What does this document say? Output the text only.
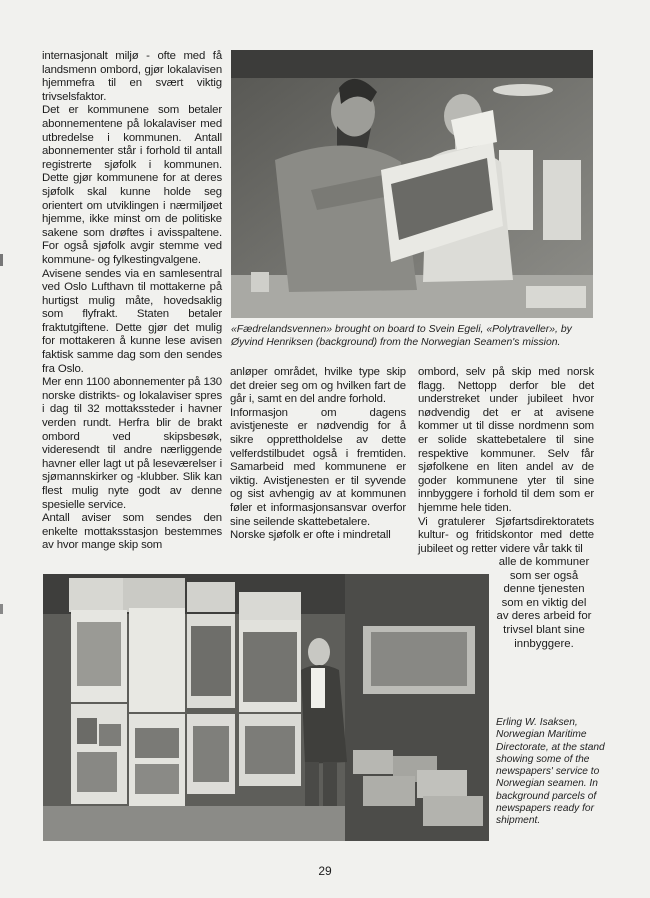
internasjonalt miljø - ofte med få landsmenn ombord, gjør lokalavisen hjemmefra til en svært viktig trivselsfaktor.

Det er kommunene som betaler abonnementene på lokalaviser med utbredelse i kommunen. Antall abonnementer står i forhold til antall registrerte sjøfolk i kommunen. Dette gjør kommunene for at deres sjøfolk skal kunne holde seg orientert om utviklingen i nærmiljøet hjemme, ikke minst om de politiske sakene som drøftes i avisspaltene. For også sjøfolk avgir stemme ved kommune- og fylkestingvalgene.

Avisene sendes via en samlesentral ved Oslo Lufthavn til mottakerne på hurtigst mulig måte, hovedsaklig som flyfrakt. Staten betaler fraktutgiftene. Dette gjør det mulig for mottakeren å kunne lese avisen faktisk samme dag som den sendes fra Oslo.

Mer enn 1100 abonnementer på 130 norske distrikts- og lokalaviser spres i dag til 32 mottakssteder i havner verden rundt. Herfra blir de brakt ombord ved skipsbesøk, videresendt til andre nærliggende havner eller lagt ut på leseværelser i sjømannskirker og -klubber. Slik kan flest mulig nyte godt av denne spesielle service.

Antall aviser som sendes den enkelte mottaksstasjon bestemmes av hvor mange skip som

«Fædrelandsvennen» brought on board to Svein Egeli, «Polytraveller», by Øyvind Henriksen (background) from the Norwegian Seamen's mission.

anløper området, hvilke type skip det dreier seg om og hvilken fart de går i, samt en del andre forhold.

Informasjon om dagens avistjeneste er nødvendig for å sikre opprettholdelse av dette velferdstilbudet også i fremtiden. Samarbeid med kommunene er viktig. Avistjenesten er til syvende og sist avhengig av at kommunen føler et informasjonsansvar overfor sine seilende skattebetalere.

Norske sjøfolk er ofte i mindretall

ombord, selv på skip med norsk flagg. Nettopp derfor ble det understreket under jubileet hvor nødvendig det er at avisene kommer ut til disse nordmenn som er solide skattebetalere til sine respektive kommuner. Selv får sjøfolkene en liten andel av de goder kommunene yter til sine innbyggere i forhold til dem som er hjemme hele tiden.

Vi gratulerer Sjøfartsdirektoratets kultur- og fritidskontor med dette jubileet og retter videre vår takk til

alle de kommuner som ser også denne tjenesten som en viktig del av deres arbeid for trivsel blant sine innbyggere.
Erling W. Isaksen, Norwegian Maritime Directorate, at the stand showing some of the newspapers' service to Norwegian seamen. In background parcels of newspapers ready for shipment.
29
